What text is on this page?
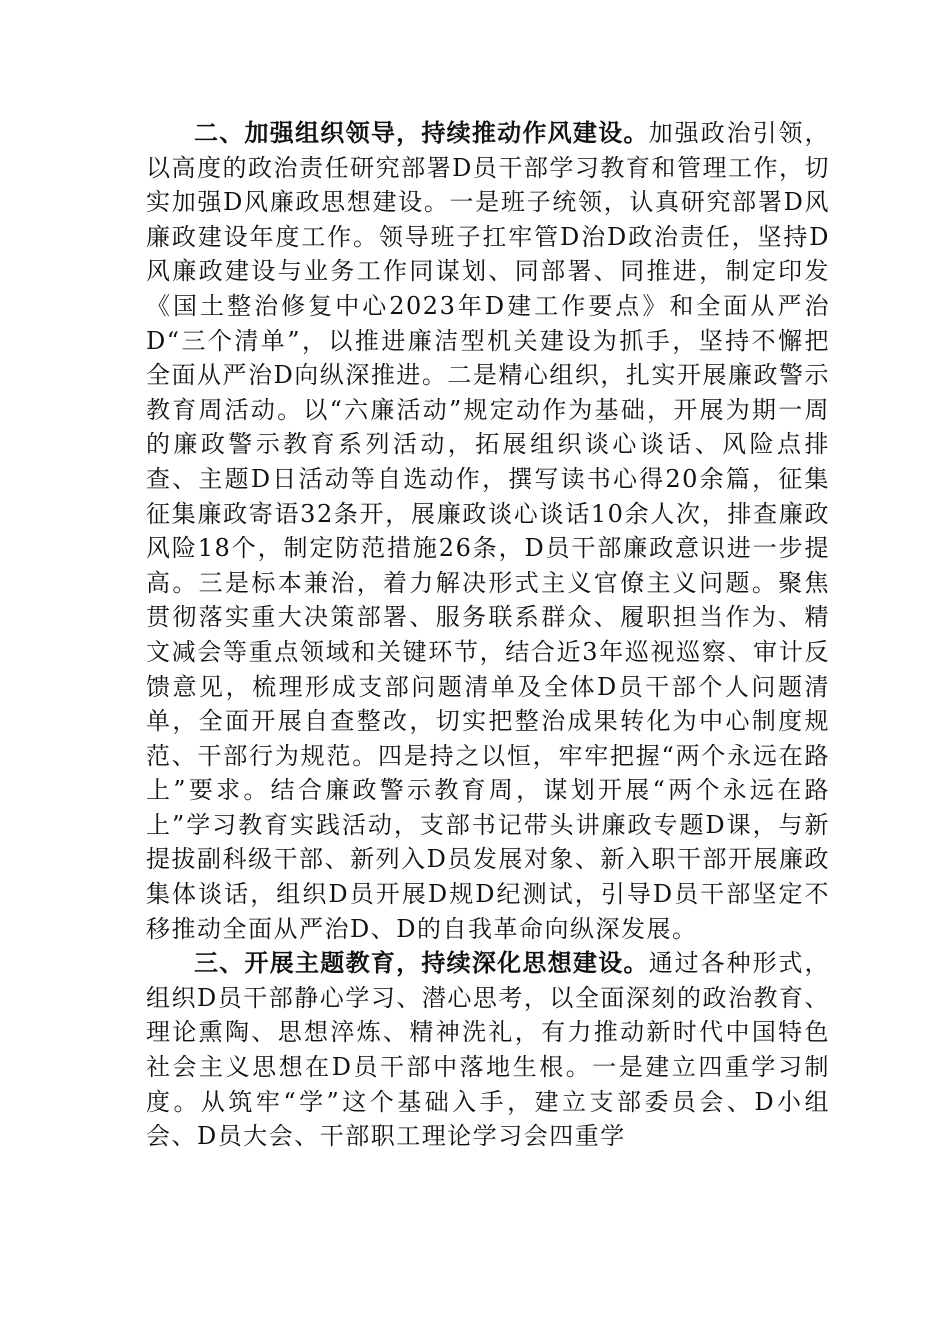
二、加强组织领导，持续推动作风建设。加强政治引领，以高度的政治责任研究部署D员干部学习教育和管理工作，切实加强D风廉政思想建设。一是班子统领，认真研究部署D风廉政建设年度工作。领导班子扛牢管D治D政治责任，坚持D风廉政建设与业务工作同谋划、同部署、同推进，制定印发《国土整治修复中心2023年D建工作要点》和全面从严治D“三个清单”，以推进廉洁型机关建设为抓手，坚持不懈把全面从严治D向纵深推进。二是精心组织，扎实开展廉政警示教育周活动。以“六廉活动”规定动作为基础，开展为期一周的廉政警示教育系列活动，拓展组织谈心谈话、风险点排查、主题D日活动等自选动作，撰写读书心得20余篇，征集征集廉政寄语32条开，展廉政谈心谈话10余人次，排查廉政风险18个，制定防范措施26条，D员干部廉政意识进一步提高。三是标本兼治，着力解决形式主义官僚主义问题。聚焦贯彻落实重大决策部署、服务联系群众、履职担当作为、精文减会等重点领域和关键环节，结合近3年巡视巡察、审计反馈意见，梳理形成支部问题清单及全体D员干部个人问题清单，全面开展自查整改，切实把整治成果转化为中心制度规范、干部行为规范。四是持之以恒，牢牢把握“两个永远在路上”要求。结合廉政警示教育周，谋划开展“两个永远在路上”学习教育实践活动，支部书记带头讲廉政专题D课，与新提拔副科级干部、新列入D员发展对象、新入职干部开展廉政集体谈话，组织D员开展D规D纪测试，引导D员干部坚定不移推动全面从严治D、D的自我革命向纵深发展。

三、开展主题教育，持续深化思想建设。通过各种形式，组织D员干部静心学习、潜心思考，以全面深刻的政治教育、理论熏陶、思想淬炼、精神洗礼，有力推动新时代中国特色社会主义思想在D员干部中落地生根。一是建立四重学习制度。从筑牢“学”这个基础入手，建立支部委员会、D小组会、D员大会、干部职工理论学习会四重学
